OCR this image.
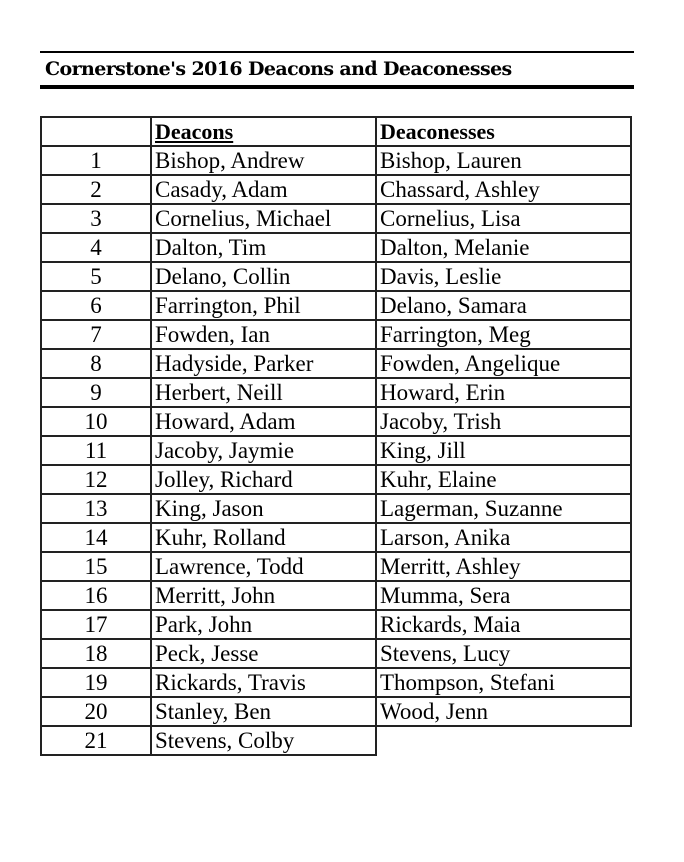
Cornerstone's 2016 Deacons and Deaconesses
	Deacons	Deaconesses
1	Bishop, Andrew	Bishop, Lauren
2	Casady, Adam	Chassard, Ashley
3	Cornelius, Michael	Cornelius, Lisa
4	Dalton, Tim	Dalton, Melanie
5	Delano, Collin	Davis, Leslie
6	Farrington, Phil	Delano, Samara
7	Fowden, Ian	Farrington, Meg
8	Hadyside, Parker	Fowden, Angelique
9	Herbert, Neill	Howard, Erin
10	Howard, Adam	Jacoby, Trish
11	Jacoby, Jaymie	King, Jill
12	Jolley, Richard	Kuhr, Elaine
13	King, Jason	Lagerman, Suzanne
14	Kuhr, Rolland	Larson, Anika
15	Lawrence, Todd	Merritt, Ashley
16	Merritt, John	Mumma, Sera
17	Park, John	Rickards, Maia
18	Peck, Jesse	Stevens, Lucy
19	Rickards, Travis	Thompson, Stefani
20	Stanley, Ben	Wood, Jenn
21	Stevens, Colby	
